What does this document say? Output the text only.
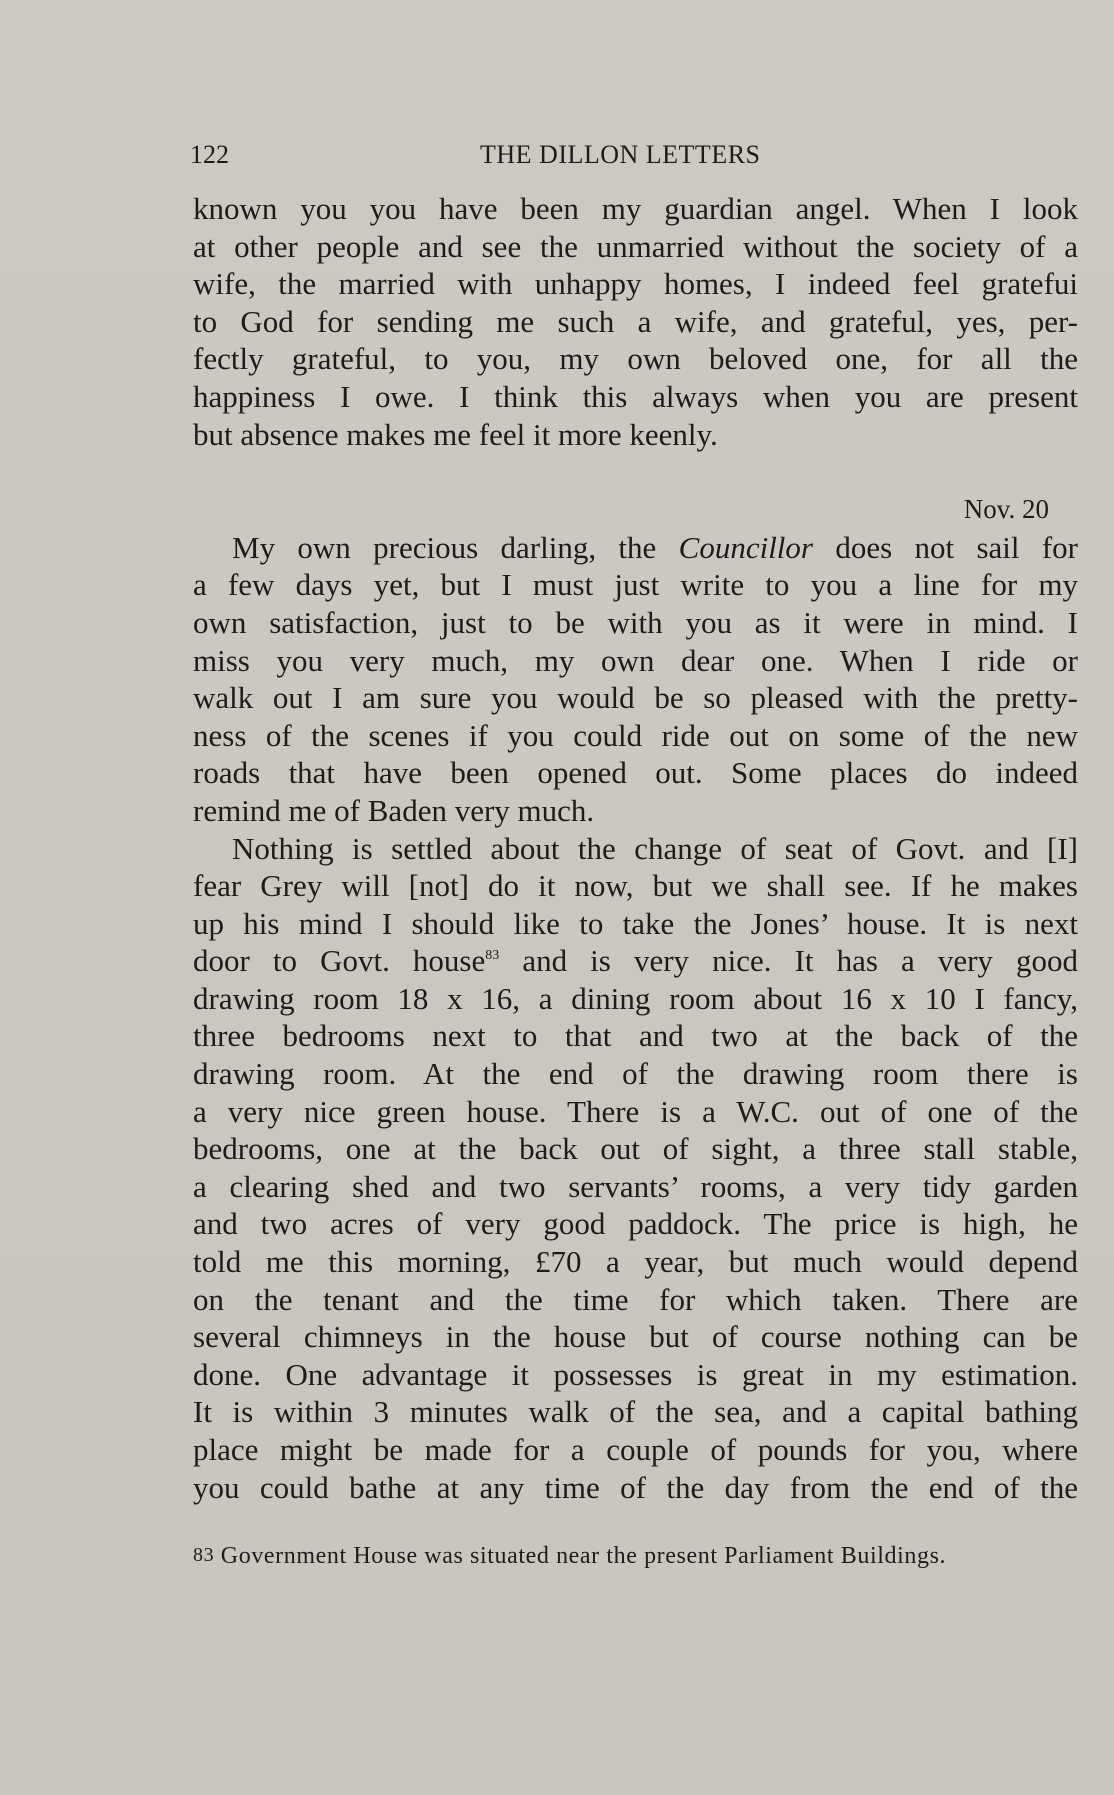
122	THE DILLON LETTERS
known you you have been my guardian angel. When I look
at other people and see the unmarried without the society of a
wife, the married with unhappy homes, I indeed feel gratefui
to God for sending me such a wife, and grateful, yes, per-
fectly grateful, to you, my own beloved one, for all the
happiness I owe. I think this always when you are present
but absence makes me feel it more keenly.
Nov. 20
My own precious darling, the Councillor does not sail for
a few days yet, but I must just write to you a line for my
own satisfaction, just to be with you as it were in mind. I
miss you very much, my own dear one. When I ride or
walk out I am sure you would be so pleased with the pretty-
ness of the scenes if you could ride out on some of the new
roads that have been opened out. Some places do indeed
remind me of Baden very much.
Nothing is settled about the change of seat of Govt. and [I]
fear Grey will [not] do it now, but we shall see. If he makes
up his mind I should like to take the Jones’ house. It is next
door to Govt. house$^{83}$ and is very nice. It has a very good
drawing room 18 x 16, a dining room about 16 x 10 I fancy,
three bedrooms next to that and two at the back of the
drawing room. At the end of the drawing room there is
a very nice green house. There is a W.C. out of one of the
bedrooms, one at the back out of sight, a three stall stable,
a clearing shed and two servants’ rooms, a very tidy garden
and two acres of very good paddock. The price is high, he
told me this morning, £70 a year, but much would depend
on the tenant and the time for which taken. There are
several chimneys in the house but of course nothing can be
done. One advantage it possesses is great in my estimation.
It is within 3 minutes walk of the sea, and a capital bathing
place might be made for a couple of pounds for you, where
you could bathe at any time of the day from the end of the
83 Government House was situated near the present Parliament Buildings.
